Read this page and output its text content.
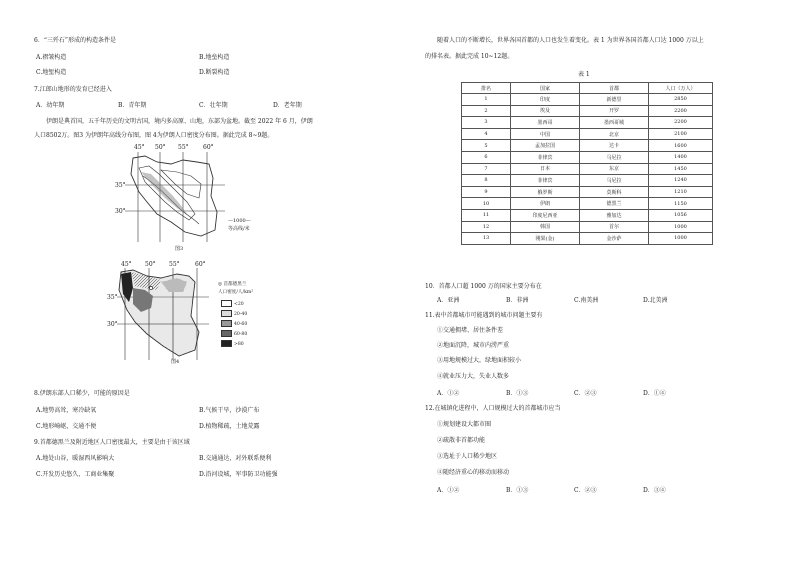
6．“三歼石”形成的构造条件是
A.褶皱构造	B.地垒构造
C.地堑构造	D.断裂构造
7.江郎山地形的发育已经进入
A．幼年期	B．青年期	C．壮年期	D．老年期
伊朗是典首国，五千年历史的文明古国，境内多高原、山地，东部为盆地。截至 2022 年 6 月，伊朗
人口8502万。图3 为伊朗年高线分布图，图 4为伊朗人口密度分布图。据此完成 8~9题。
45° 50° 55° 60°
35°
30°
—1000—
等高线/米
图3
45° 50° 55°	60°
35°
30°
◎ 首都德黑兰
人口密度/人/km²
<20
20-40
40-60
60-80
>80
图4
8.伊朗东部人口稀少，可能的原因是
A.地势高耸，寒冷缺氧	B.气候干旱，沙漠广布
C.地形崎岖，交通不便	D.植物稀疏，土地荒露
9.首都德黑兰及附近地区人口密度最大，主要是由于该区域
A.地处山谷，暖湿西风影响大	B.交通通达，对外联系便利
C.开发历史悠久，工商业集聚	D.沿河设城，军事防卫功能强
随着人口的不断增长，世界各国首都的人口也发生着变化。表 1 为世界各国首都人口达 1000 万以上
的排名表。据此完成 10~12题。
表 1
排名	国家	首都	人口（万人）
1	印度	新德里	2850
2	埃及	开罗	2200
3	墨西哥	墨西哥城	2200
4	中国	北京	2100
5	孟加拉国	达卡	1600
6	菲律宾	马尼拉	1400
7	日本	东京	1450
8	菲律宾	马尼拉	1240
9	俄罗斯	莫斯科	1210
10	伊朗	德黑兰	1150
11	印度尼西亚	雅加达	1056
12	韩国	首尔	1000
13	刚果(金)	金沙萨	1000
10．首都人口超 1000 万的国家主要分布在
A．亚洲	B．非洲	C.南美洲	D.北美洲
11.表中首都城市可能遇到的城市问题主要有
①交通拥堵、居住条件差
②地面沉降，城市内涝严重
③用地规模过大，绿地面积较小
④就业压力大，失业人数多
A．①②	B．①③	C．②③	D．①④
12.在城镇化进程中，人口规模过大的首都城市应当
①规划建设大都市圈
②疏散非首都功能
③选址于人口稀少地区
④随经济重心的移动而移动
A．①②	B．①③	C．②③	D．③④
